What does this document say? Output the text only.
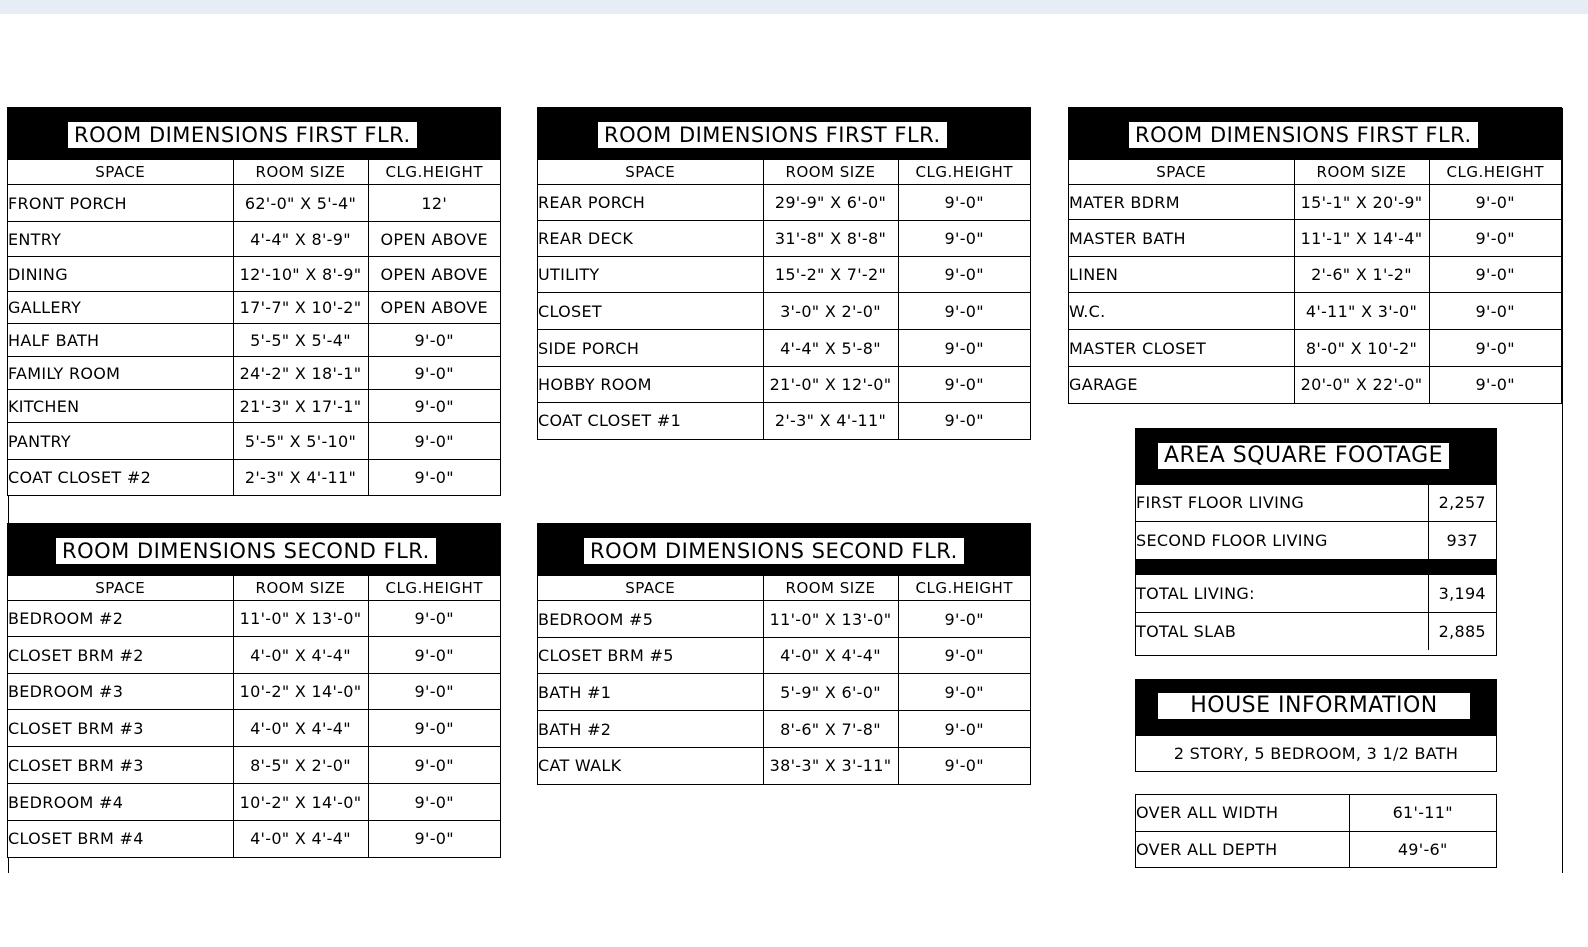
ROOM DIMENSIONS FIRST FLR.
SPACE	ROOM SIZE	CLG.HEIGHT
FRONT PORCH	62'-0" X 5'-4"	12'
ENTRY	4'-4" X 8'-9"	OPEN ABOVE
DINING	12'-10" X 8'-9"	OPEN ABOVE
GALLERY	17'-7" X 10'-2"	OPEN ABOVE
HALF BATH	5'-5" X 5'-4"	9'-0"
FAMILY ROOM	24'-2" X 18'-1"	9'-0"
KITCHEN	21'-3" X 17'-1"	9'-0"
PANTRY	5'-5" X 5'-10"	9'-0"
COAT CLOSET #2	2'-3" X 4'-11"	9'-0"
ROOM DIMENSIONS FIRST FLR.
SPACE	ROOM SIZE	CLG.HEIGHT
REAR PORCH	29'-9" X 6'-0"	9'-0"
REAR DECK	31'-8" X 8'-8"	9'-0"
UTILITY	15'-2" X 7'-2"	9'-0"
CLOSET	3'-0" X 2'-0"	9'-0"
SIDE PORCH	4'-4" X 5'-8"	9'-0"
HOBBY ROOM	21'-0" X 12'-0"	9'-0"
COAT CLOSET #1	2'-3" X 4'-11"	9'-0"
ROOM DIMENSIONS FIRST FLR.
SPACE	ROOM SIZE	CLG.HEIGHT
MATER BDRM	15'-1" X 20'-9"	9'-0"
MASTER BATH	11'-1" X 14'-4"	9'-0"
LINEN	2'-6" X 1'-2"	9'-0"
W.C.	4'-11" X 3'-0"	9'-0"
MASTER CLOSET	8'-0" X 10'-2"	9'-0"
GARAGE	20'-0" X 22'-0"	9'-0"
ROOM DIMENSIONS SECOND FLR.
SPACE	ROOM SIZE	CLG.HEIGHT
BEDROOM #2	11'-0" X 13'-0"	9'-0"
CLOSET BRM #2	4'-0" X 4'-4"	9'-0"
BEDROOM #3	10'-2" X 14'-0"	9'-0"
CLOSET BRM #3	4'-0" X 4'-4"	9'-0"
CLOSET BRM #3	8'-5" X 2'-0"	9'-0"
BEDROOM #4	10'-2" X 14'-0"	9'-0"
CLOSET BRM #4	4'-0" X 4'-4"	9'-0"
ROOM DIMENSIONS SECOND FLR.
SPACE	ROOM SIZE	CLG.HEIGHT
BEDROOM #5	11'-0" X 13'-0"	9'-0"
CLOSET BRM #5	4'-0" X 4'-4"	9'-0"
BATH #1	5'-9" X 6'-0"	9'-0"
BATH #2	8'-6" X 7'-8"	9'-0"
CAT WALK	38'-3" X 3'-11"	9'-0"
AREA SQUARE FOOTAGE
FIRST FLOOR LIVING	2,257
SECOND FLOOR LIVING	937

TOTAL LIVING:	3,194
TOTAL SLAB	2,885
HOUSE INFORMATION
2 STORY, 5 BEDROOM, 3 1/2 BATH
OVER ALL WIDTH	61'-11"
OVER ALL DEPTH	49'-6"
